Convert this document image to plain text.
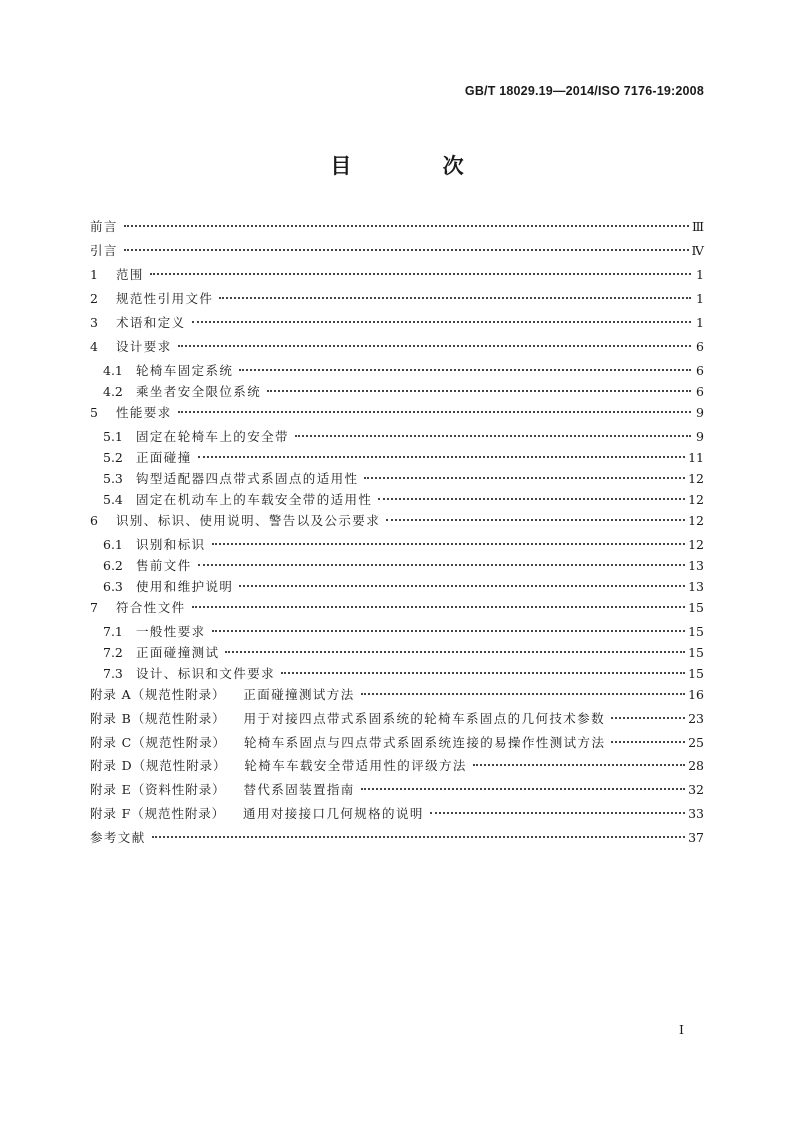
GB/T 18029.19—2014/ISO 7176-19:2008
目 次
前言	Ⅲ
引言	Ⅳ
1	范围	1
2	规范性引用文件	1
3	术语和定义	1
4	设计要求	6
4.1	轮椅车固定系统	6
4.2	乘坐者安全限位系统	6
5	性能要求	9
5.1	固定在轮椅车上的安全带	9
5.2	正面碰撞	11
5.3	钩型适配器四点带式系固点的适用性	12
5.4	固定在机动车上的车载安全带的适用性	12
6	识别、标识、使用说明、警告以及公示要求	12
6.1	识别和标识	12
6.2	售前文件	13
6.3	使用和维护说明	13
7	符合性文件	15
7.1	一般性要求	15
7.2	正面碰撞测试	15
7.3	设计、标识和文件要求	15
附录 A（规范性附录）	正面碰撞测试方法	16
附录 B（规范性附录）	用于对接四点带式系固系统的轮椅车系固点的几何技术参数	23
附录 C（规范性附录）	轮椅车系固点与四点带式系固系统连接的易操作性测试方法	25
附录 D（规范性附录）	轮椅车车载安全带适用性的评级方法	28
附录 E（资料性附录）	替代系固装置指南	32
附录 F（规范性附录）	通用对接接口几何规格的说明	33
参考文献	37
I
